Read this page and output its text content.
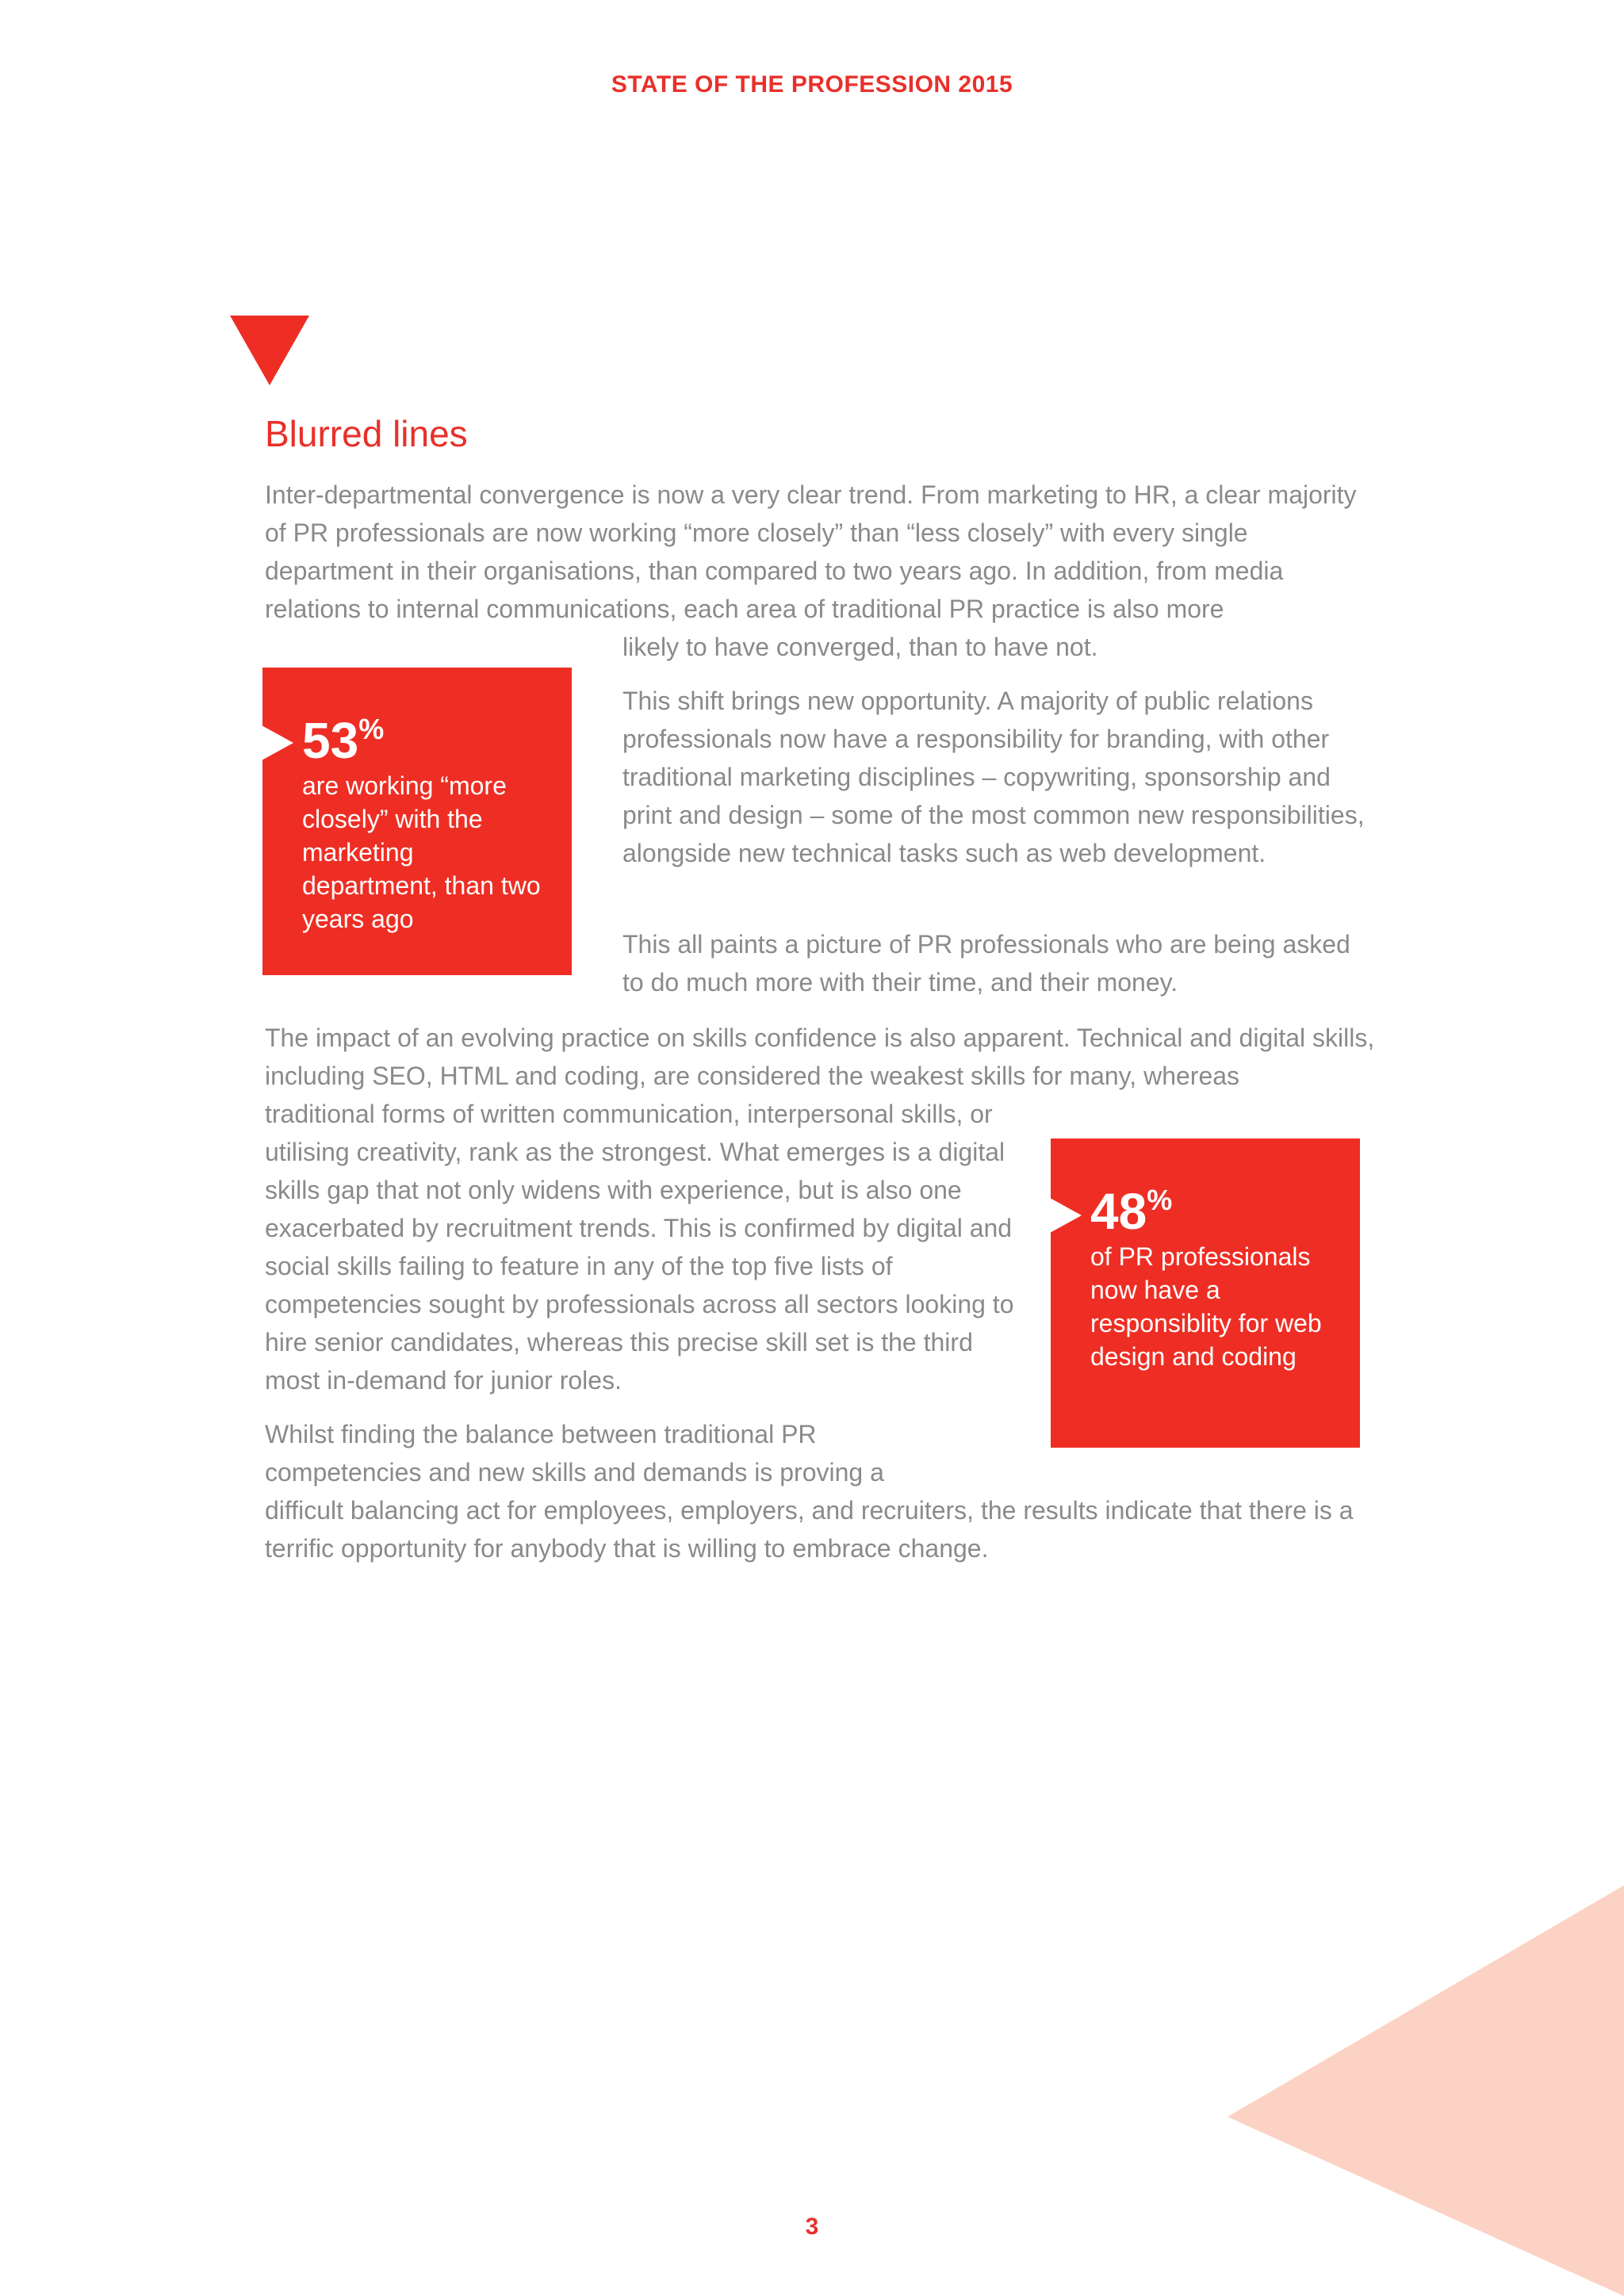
STATE OF THE PROFESSION 2015
Blurred lines

Inter-departmental convergence is now a very clear trend. From marketing to HR, a clear majority of PR professionals are now working “more closely” than “less closely” with every single department in their organisations, than compared to two years ago. In addition, from media relations to internal communications, each area of traditional PR practice is also more

likely to have converged, than to have not.

53%
are working “more closely” with the marketing department, than two years ago

This shift brings new opportunity. A majority of public relations professionals now have a responsibility for branding, with other traditional marketing disciplines – copywriting, sponsorship and print and design – some of the most common new responsibilities, alongside new technical tasks such as web development.

This all paints a picture of PR professionals who are being asked to do much more with their time, and their money.

The impact of an evolving practice on skills confidence is also apparent. Technical and digital skills, including SEO, HTML and coding, are considered the weakest skills for many, whereas

traditional forms of written communication, interpersonal skills, or utilising creativity, rank as the strongest. What emerges is a digital skills gap that not only widens with experience, but is also one exacerbated by recruitment trends. This is confirmed by digital and social skills failing to feature in any of the top five lists of competencies sought by professionals across all sectors looking to hire senior candidates, whereas this precise skill set is the third most in-demand for junior roles.

48%
of PR professionals now have a responsiblity for web design and coding

Whilst finding the balance between traditional PR competencies and new skills and demands is proving a

difficult balancing act for employees, employers, and recruiters, the results indicate that there is a terrific opportunity for anybody that is willing to embrace change.

3
